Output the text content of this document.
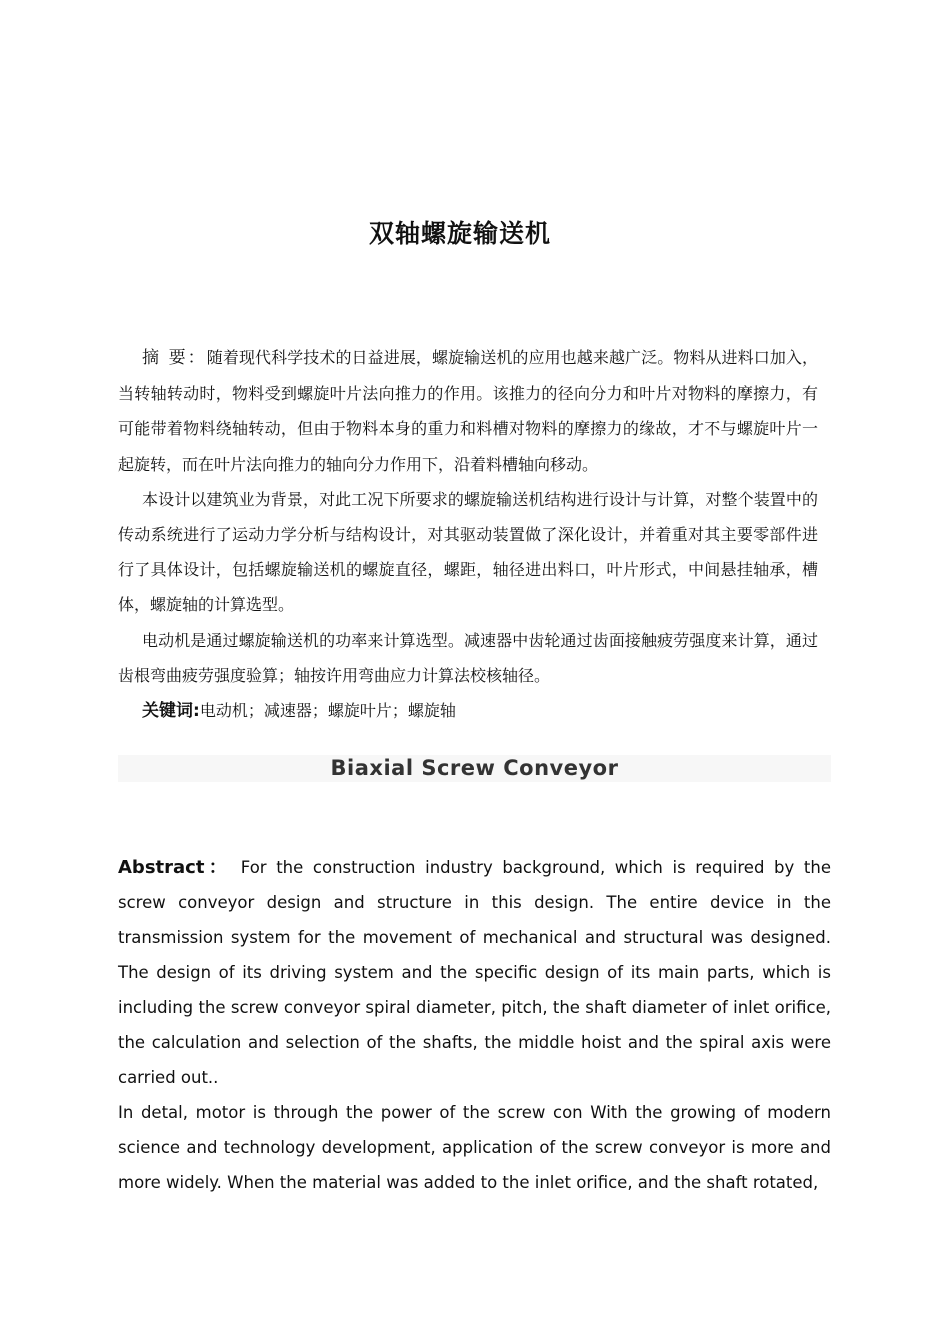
双轴螺旋输送机

摘 要：随着现代科学技术的日益进展，螺旋输送机的应用也越来越广泛。物料从进料口加入，当转轴转动时，物料受到螺旋叶片法向推力的作用。该推力的径向分力和叶片对物料的摩擦力，有可能带着物料绕轴转动，但由于物料本身的重力和料槽对物料的摩擦力的缘故，才不与螺旋叶片一起旋转，而在叶片法向推力的轴向分力作用下，沿着料槽轴向移动。

本设计以建筑业为背景，对此工况下所要求的螺旋输送机结构进行设计与计算，对整个装置中的传动系统进行了运动力学分析与结构设计，对其驱动装置做了深化设计，并着重对其主要零部件进行了具体设计，包括螺旋输送机的螺旋直径，螺距，轴径进出料口，叶片形式，中间悬挂轴承，槽体，螺旋轴的计算选型。

电动机是通过螺旋输送机的功率来计算选型。减速器中齿轮通过齿面接触疲劳强度来计算，通过齿根弯曲疲劳强度验算；轴按许用弯曲应力计算法校核轴径。

关键词:电动机；减速器；螺旋叶片；螺旋轴

Biaxial Screw Conveyor

Abstract： For the construction industry background, which is required by the screw conveyor design and structure in this design. The entire device in the transmission system for the movement of mechanical and structural was designed. The design of its driving system and the specific design of its main parts, which is including the screw conveyor spiral diameter, pitch, the shaft diameter of inlet orifice, the calculation and selection of the shafts, the middle hoist and the spiral axis were carried out..

In detal, motor is through the power of the screw con With the growing of modern science and technology development, application of the screw conveyor is more and more widely. When the material was added to the inlet orifice, and the shaft rotated,
